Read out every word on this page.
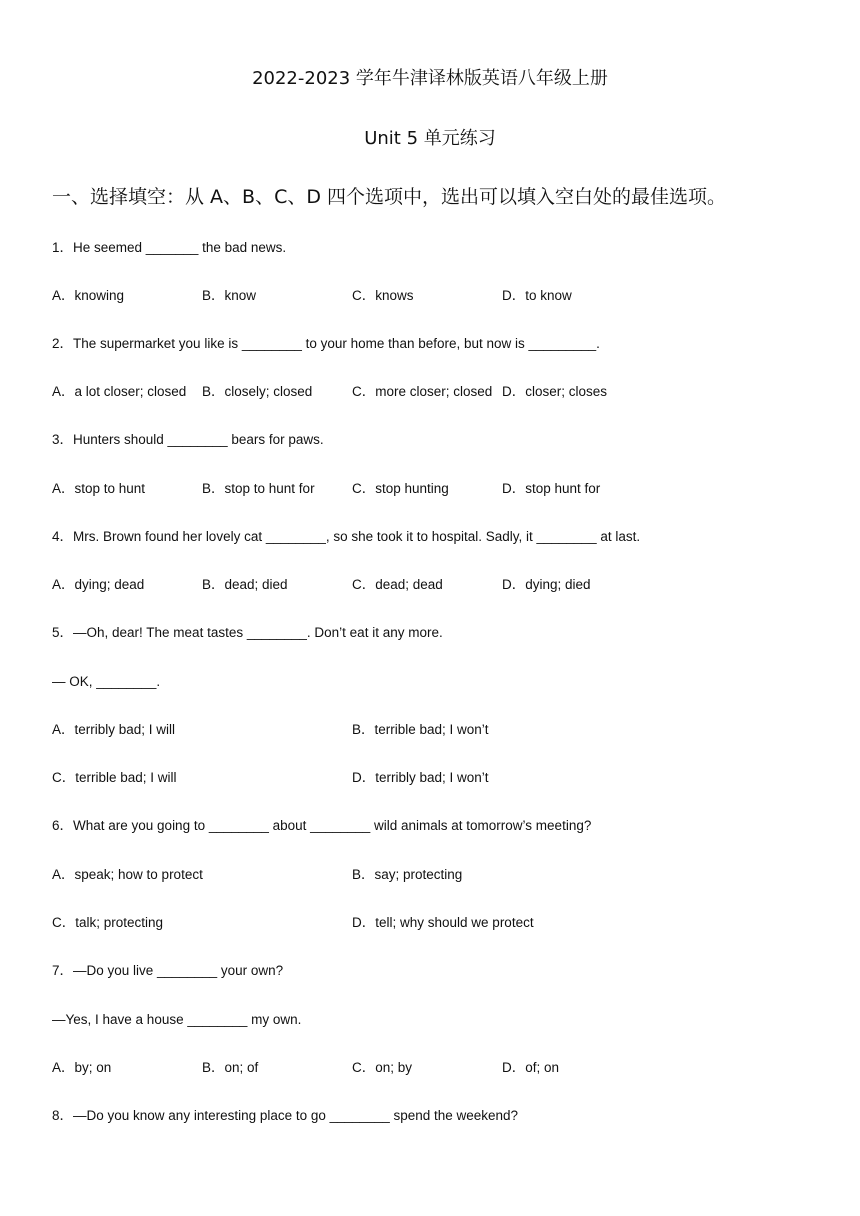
2022-2023 学年牛津译林版英语八年级上册
Unit 5 单元练习
一、选择填空：从 A、B、C、D 四个选项中，选出可以填入空白处的最佳选项。
1．He seemed _______ the bad news.
A．knowing	B．know	C．knows	D．to know
2．The supermarket you like is ________ to your home than before, but now is _________.
A．a lot closer; closed B．closely; closed	C．more closer; closed D．closer; closes
3．Hunters should ________ bears for paws.
A．stop to hunt	B．stop to hunt for	C．stop hunting	D．stop hunt for
4．Mrs. Brown found her lovely cat ________, so she took it to hospital. Sadly, it ________ at last.
A．dying; dead	B．dead; died	C．dead; dead	D．dying; died
5．—Oh, dear! The meat tastes ________. Don’t eat it any more.
— OK, ________.
A．terribly bad; I will	B．terrible bad; I won’t
C．terrible bad; I will	D．terribly bad; I won’t
6．What are you going to ________ about ________ wild animals at tomorrow’s meeting?
A．speak; how to protect	B．say; protecting
C．talk; protecting	D．tell; why should we protect
7．—Do you live ________ your own?
—Yes, I have a house ________ my own.
A．by; on	B．on; of	C．on; by	D．of; on
8．—Do you know any interesting place to go ________ spend the weekend?
